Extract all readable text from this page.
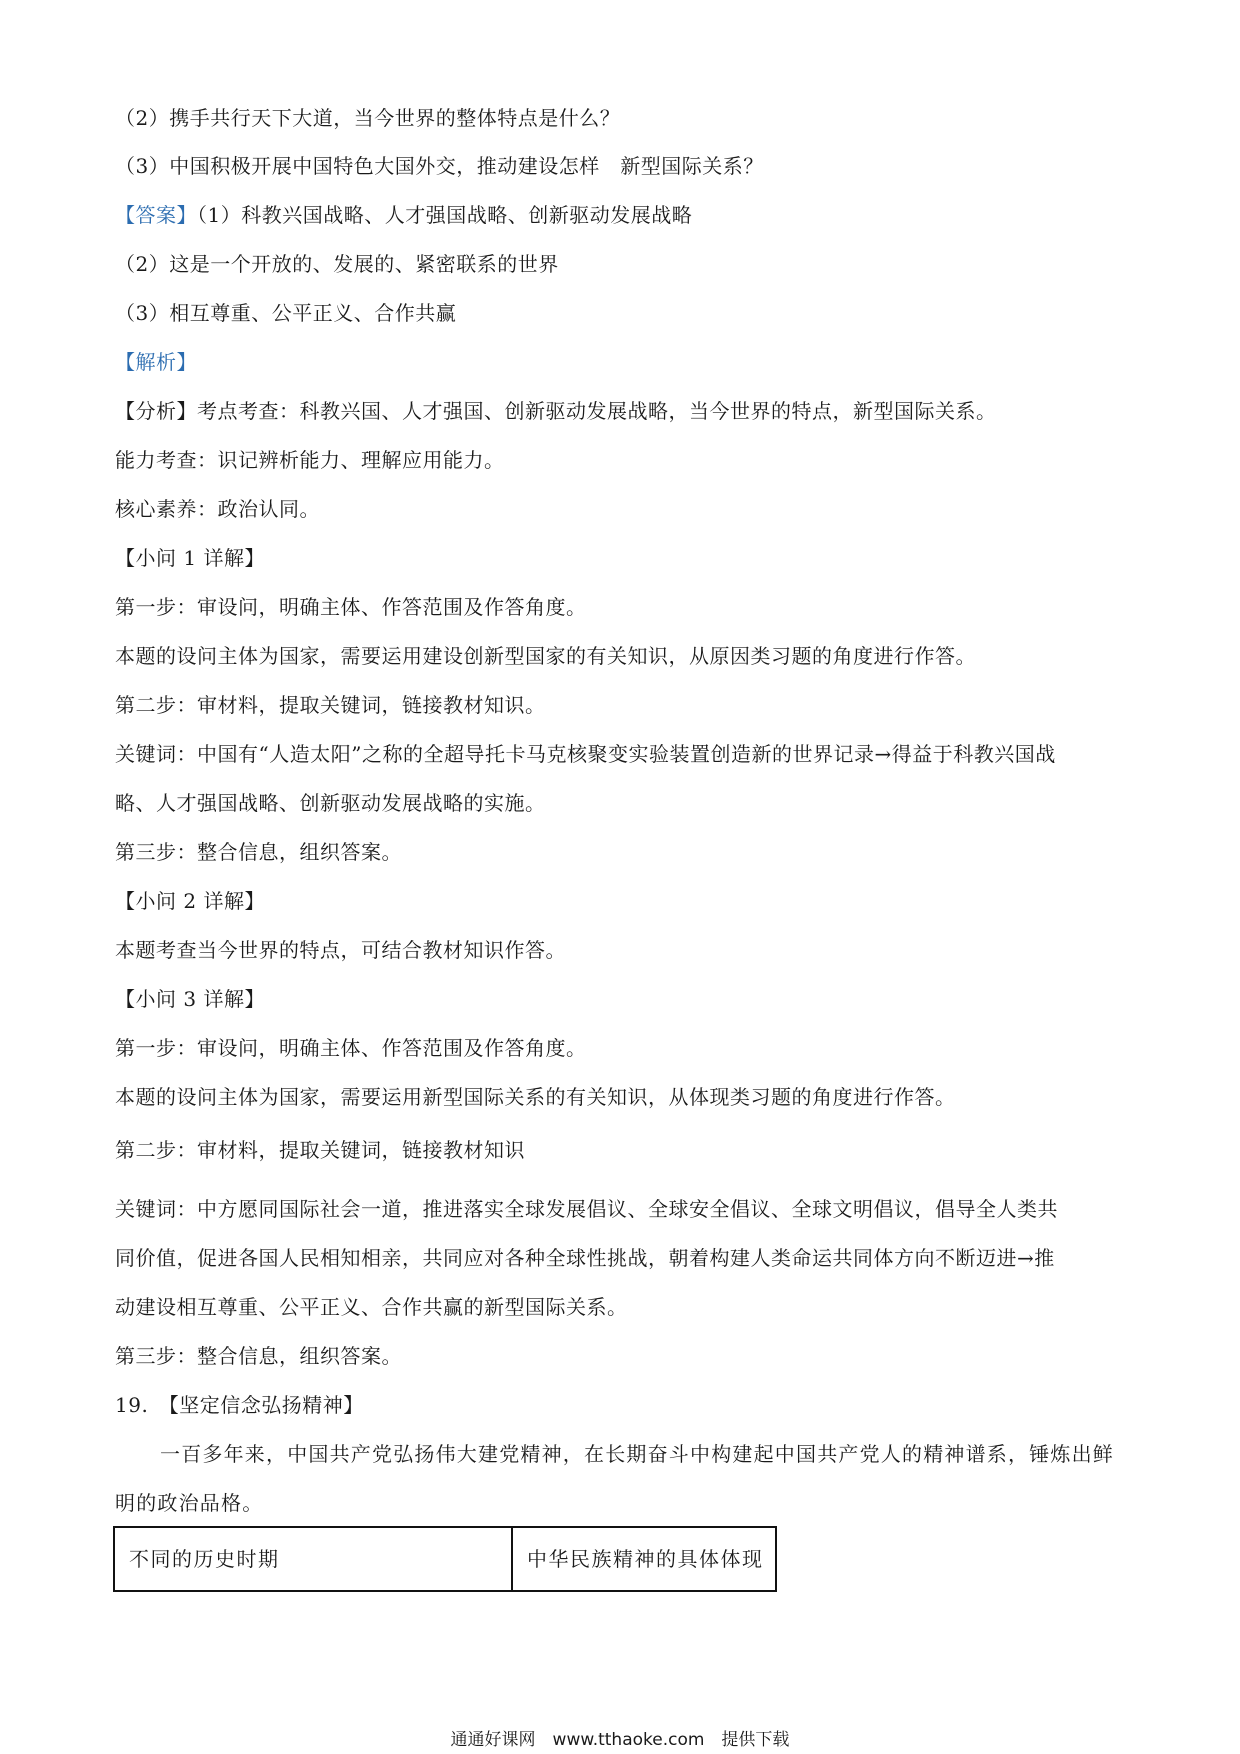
（2）携手共行天下大道，当今世界的整体特点是什么？
（3）中国积极开展中国特色大国外交，推动建设怎样　新型国际关系？
【答案】（1）科教兴国战略、人才强国战略、创新驱动发展战略
（2）这是一个开放的、发展的、紧密联系的世界
（3）相互尊重、公平正义、合作共赢
【解析】
【分析】考点考查：科教兴国、人才强国、创新驱动发展战略，当今世界的特点，新型国际关系。
能力考查：识记辨析能力、理解应用能力。
核心素养：政治认同。
【小问 1 详解】
第一步：审设问，明确主体、作答范围及作答角度。
本题的设问主体为国家，需要运用建设创新型国家的有关知识，从原因类习题的角度进行作答。
第二步：审材料，提取关键词，链接教材知识。
关键词：中国有“人造太阳”之称的全超导托卡马克核聚变实验装置创造新的世界记录→得益于科教兴国战
略、人才强国战略、创新驱动发展战略的实施。
第三步：整合信息，组织答案。
【小问 2 详解】
本题考查当今世界的特点，可结合教材知识作答。
【小问 3 详解】
第一步：审设问，明确主体、作答范围及作答角度。
本题的设问主体为国家，需要运用新型国际关系的有关知识，从体现类习题的角度进行作答。
第二步：审材料，提取关键词，链接教材知识
关键词：中方愿同国际社会一道，推进落实全球发展倡议、全球安全倡议、全球文明倡议，倡导全人类共
同价值，促进各国人民相知相亲，共同应对各种全球性挑战，朝着构建人类命运共同体方向不断迈进→推
动建设相互尊重、公平正义、合作共赢的新型国际关系。
第三步：整合信息，组织答案。
19.　【坚定信念弘扬精神】
一百多年来，中国共产党弘扬伟大建党精神，在长期奋斗中构建起中国共产党人的精神谱系，锤炼出鲜
明的政治品格。
不同的历史时期	中华民族精神的具体体现
通通好课网　www.tthaoke.com　提供下载
